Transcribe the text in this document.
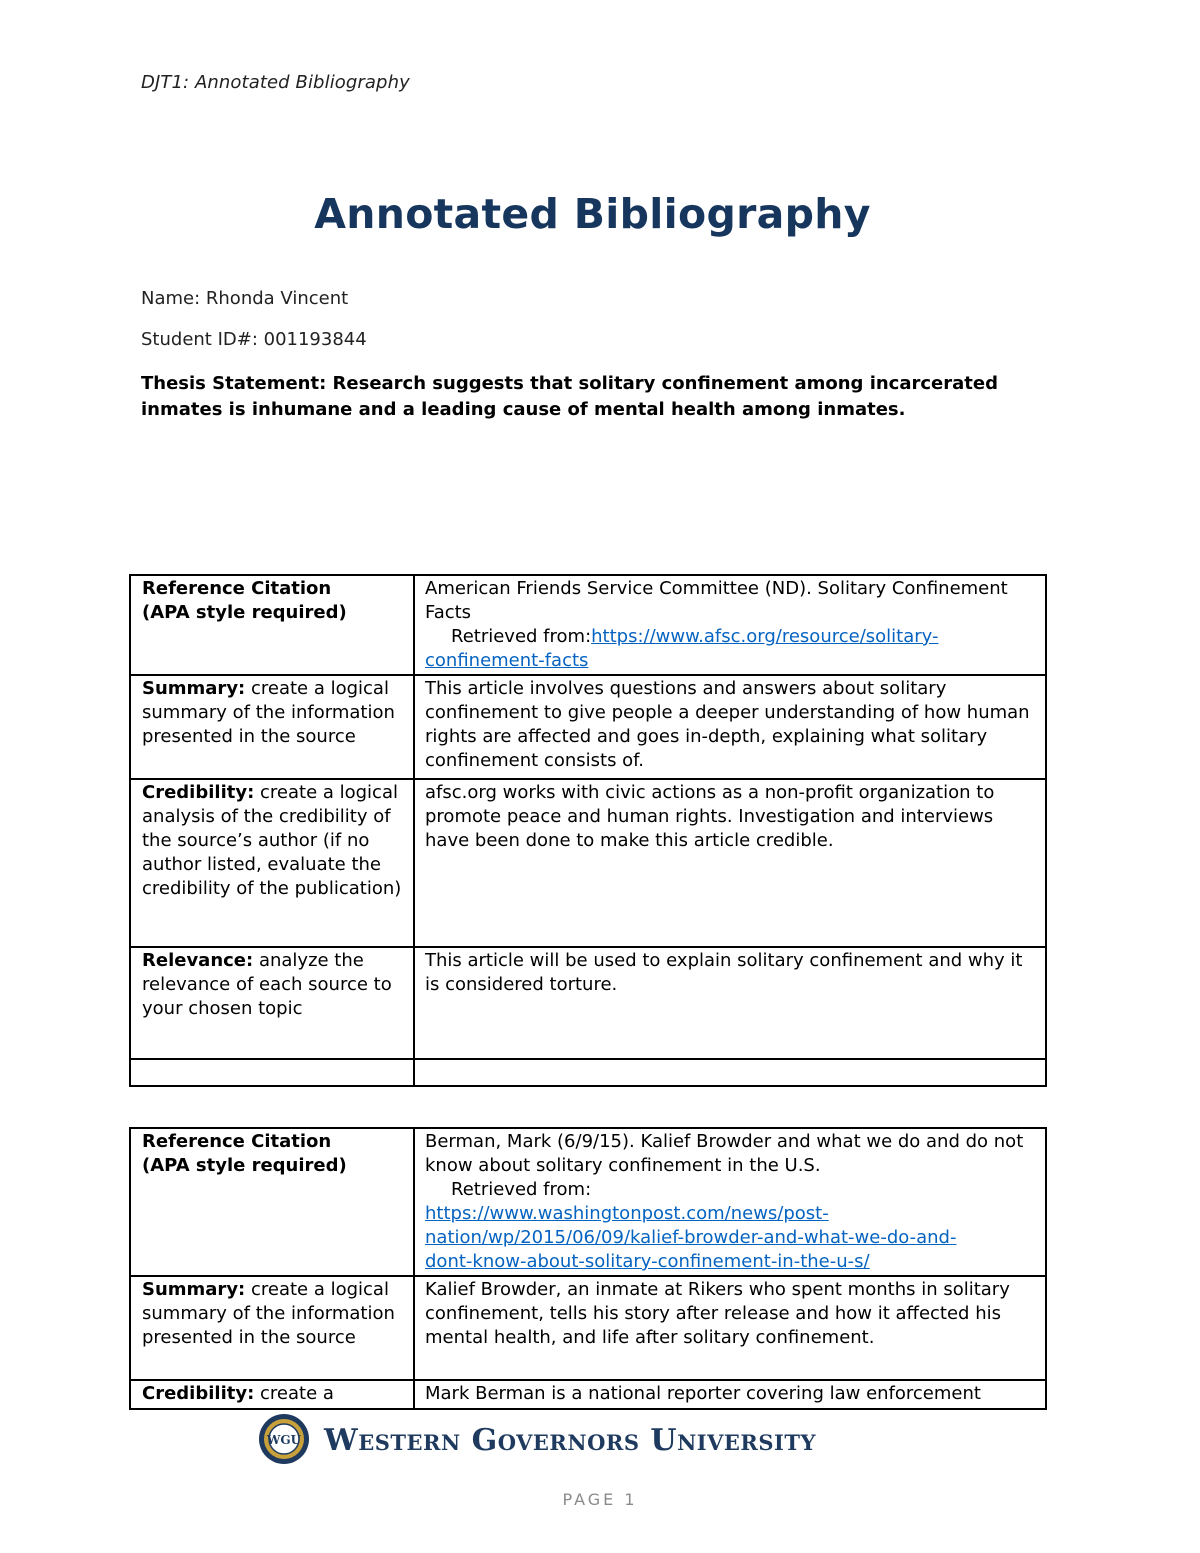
DJT1: Annotated Bibliography
Annotated Bibliography
Name: Rhonda Vincent
Student ID#: 001193844
Thesis Statement: Research suggests that solitary confinement among incarcerated inmates is inhumane and a leading cause of mental health among inmates.
Reference Citation
(APA style required)	American Friends Service Committee (ND). Solitary Confinement Facts
Retrieved from:https://www.afsc.org/resource/solitary-
confinement-facts
Summary: create a logical summary of the information presented in the source	This article involves questions and answers about solitary confinement to give people a deeper understanding of how human rights are affected and goes in-depth, explaining what solitary confinement consists of.
Credibility: create a logical analysis of the credibility of the source’s author (if no author listed, evaluate the credibility of the publication)	afsc.org works with civic actions as a non-profit organization to promote peace and human rights. Investigation and interviews have been done to make this article credible.
Relevance: analyze the relevance of each source to your chosen topic	This article will be used to explain solitary confinement and why it is considered torture.

Reference Citation
(APA style required)	Berman, Mark (6/9/15). Kalief Browder and what we do and do not know about solitary confinement in the U.S.
Retrieved from:
https://www.washingtonpost.com/news/post-
nation/wp/2015/06/09/kalief-browder-and-what-we-do-and-
dont-know-about-solitary-confinement-in-the-u-s/
Summary: create a logical summary of the information presented in the source	Kalief Browder, an inmate at Rikers who spent months in solitary confinement, tells his story after release and how it affected his mental health, and life after solitary confinement.
Credibility: create a	Mark Berman is a national reporter covering law enforcement
WGU Western Governors University
PAGE 1
